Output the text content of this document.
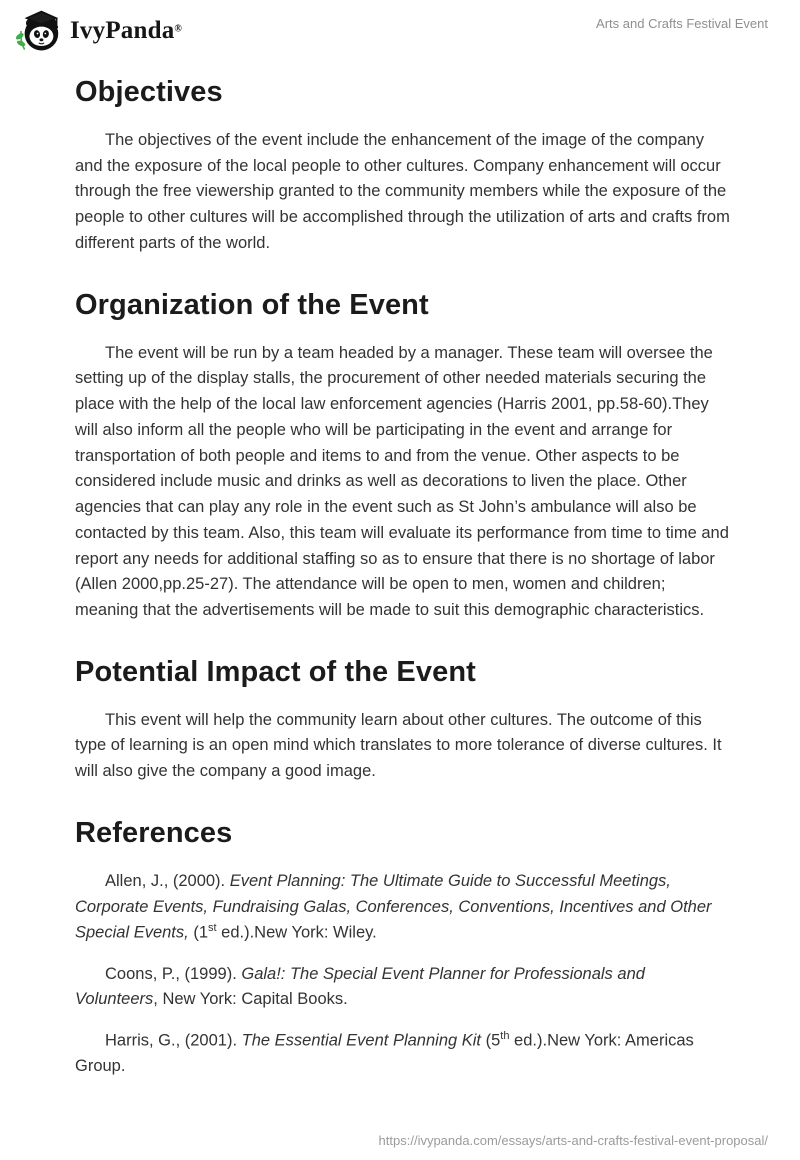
IvyPanda®	Arts and Crafts Festival Event
Objectives

The objectives of the event include the enhancement of the image of the company and the exposure of the local people to other cultures. Company enhancement will occur through the free viewership granted to the community members while the exposure of the people to other cultures will be accomplished through the utilization of arts and crafts from different parts of the world.

Organization of the Event

The event will be run by a team headed by a manager. These team will oversee the setting up of the display stalls, the procurement of other needed materials securing the place with the help of the local law enforcement agencies (Harris 2001, pp.58-60).They will also inform all the people who will be participating in the event and arrange for transportation of both people and items to and from the venue. Other aspects to be considered include music and drinks as well as decorations to liven the place. Other agencies that can play any role in the event such as St John’s ambulance will also be contacted by this team. Also, this team will evaluate its performance from time to time and report any needs for additional staffing so as to ensure that there is no shortage of labor (Allen 2000,pp.25-27). The attendance will be open to men, women and children; meaning that the advertisements will be made to suit this demographic characteristics.

Potential Impact of the Event

This event will help the community learn about other cultures. The outcome of this type of learning is an open mind which translates to more tolerance of diverse cultures. It will also give the company a good image.

References

Allen, J., (2000). Event Planning: The Ultimate Guide to Successful Meetings, Corporate Events, Fundraising Galas, Conferences, Conventions, Incentives and Other Special Events, (1st ed.).New York: Wiley.

Coons, P., (1999). Gala!: The Special Event Planner for Professionals and Volunteers, New York: Capital Books.

Harris, G., (2001). The Essential Event Planning Kit (5th ed.).New York: Americas Group.

https://ivypanda.com/essays/arts-and-crafts-festival-event-proposal/
